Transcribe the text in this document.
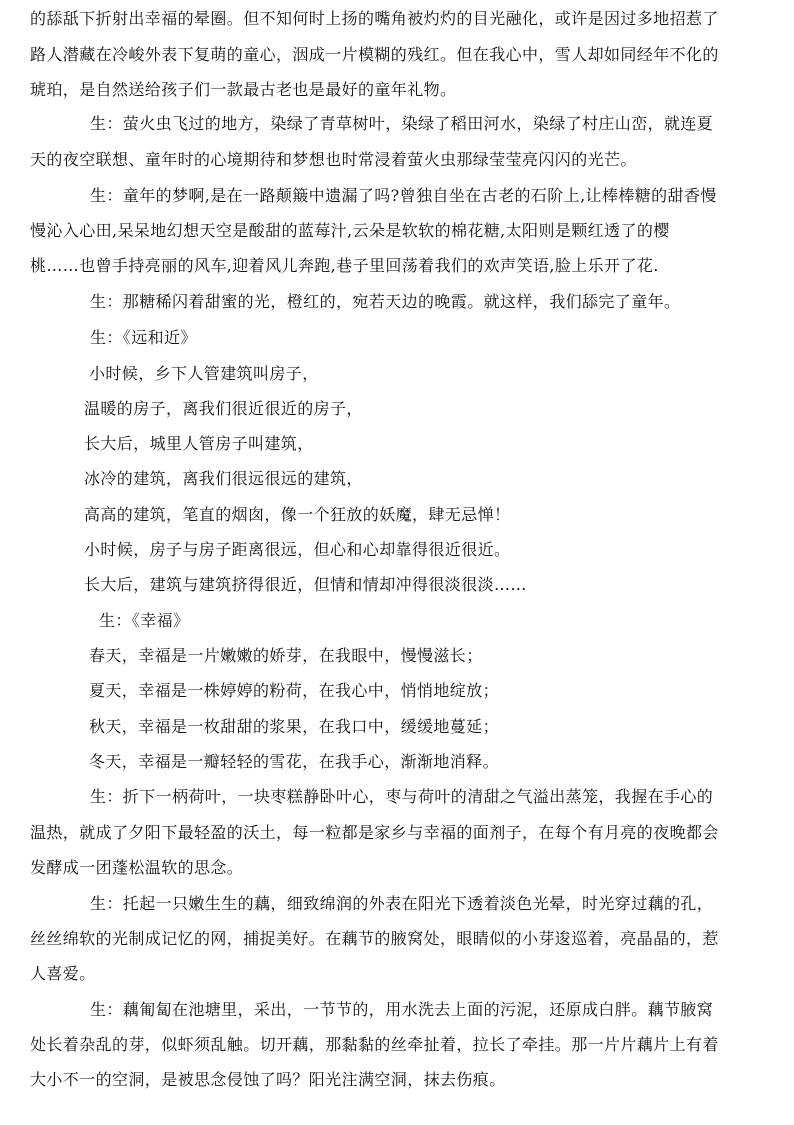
的舔舐下折射出幸福的晕圈。但不知何时上扬的嘴角被灼灼的目光融化，或许是因过多地招惹了
路人潜藏在冷峻外表下复萌的童心，洇成一片模糊的残红。但在我心中，雪人却如同经年不化的
琥珀，是自然送给孩子们一款最古老也是最好的童年礼物。
生：萤火虫飞过的地方，染绿了青草树叶，染绿了稻田河水，染绿了村庄山峦，就连夏
天的夜空联想、童年时的心境期待和梦想也时常浸着萤火虫那绿莹莹亮闪闪的光芒。
生：童年的梦啊,是在一路颠簸中遗漏了吗?曾独自坐在古老的石阶上,让棒棒糖的甜香慢
慢沁入心田,呆呆地幻想天空是酸甜的蓝莓汁,云朵是软软的棉花糖,太阳则是颗红透了的樱
桃……也曾手持亮丽的风车,迎着风儿奔跑,巷子里回荡着我们的欢声笑语,脸上乐开了花.
生：那糖稀闪着甜蜜的光，橙红的，宛若天边的晚霞。就这样，我们舔完了童年。
生：《远和近》
小时候，乡下人管建筑叫房子，
温暖的房子，离我们很近很近的房子，
长大后，城里人管房子叫建筑，
冰冷的建筑，离我们很远很远的建筑，
高高的建筑，笔直的烟囱，像一个狂放的妖魔，肆无忌惮！
小时候，房子与房子距离很远，但心和心却靠得很近很近。
长大后，建筑与建筑挤得很近，但情和情却冲得很淡很淡……
生：《幸福》
春天，幸福是一片嫩嫩的娇芽，在我眼中，慢慢滋长；
夏天，幸福是一株婷婷的粉荷，在我心中，悄悄地绽放；
秋天，幸福是一枚甜甜的浆果，在我口中，缓缓地蔓延；
冬天，幸福是一瓣轻轻的雪花，在我手心，渐渐地消释。
生：折下一柄荷叶，一块枣糕静卧叶心，枣与荷叶的清甜之气溢出蒸笼，我握在手心的
温热，就成了夕阳下最轻盈的沃土，每一粒都是家乡与幸福的面剂子，在每个有月亮的夜晚都会
发酵成一团蓬松温软的思念。
生：托起一只嫩生生的藕，细致绵润的外表在阳光下透着淡色光晕，时光穿过藕的孔，
丝丝绵软的光制成记忆的网，捕捉美好。在藕节的腋窝处，眼睛似的小芽逡巡着，亮晶晶的，惹
人喜爱。
生：藕匍匐在池塘里，采出，一节节的，用水洗去上面的污泥，还原成白胖。藕节腋窝
处长着杂乱的芽，似虾须乱触。切开藕，那黏黏的丝牵扯着，拉长了牵挂。那一片片藕片上有着
大小不一的空洞，是被思念侵蚀了吗？阳光注满空洞，抹去伤痕。
